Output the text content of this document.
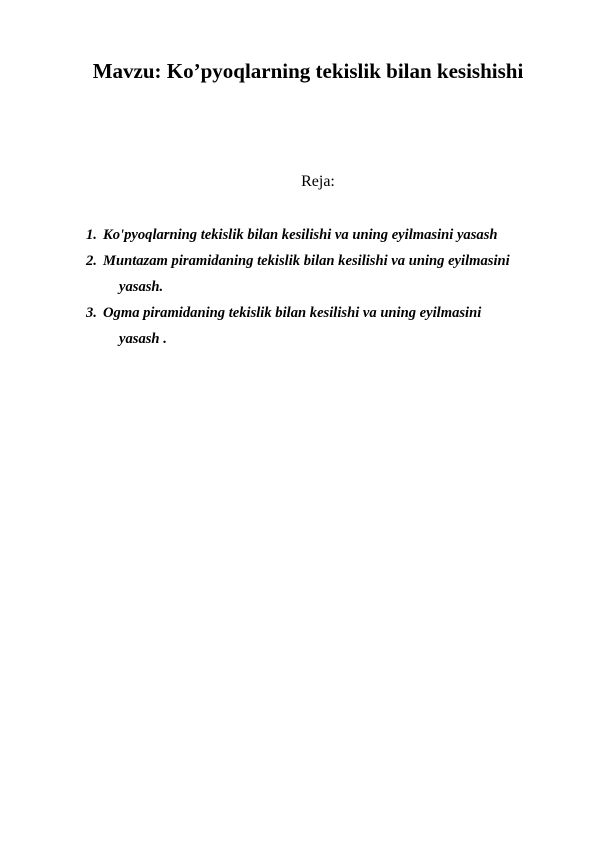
Mavzu: Ko’pyoqlarning tekislik bilan kesishishi
Reja:
1. Ko'pyoqlarning tekislik bilan kesilishi va uning eyilmasini yasash
2. Muntazam piramidaning tekislik bilan kesilishi va uning eyilmasini
yasash.
3. Ogma piramidaning tekislik bilan kesilishi va uning eyilmasini
yasash .
